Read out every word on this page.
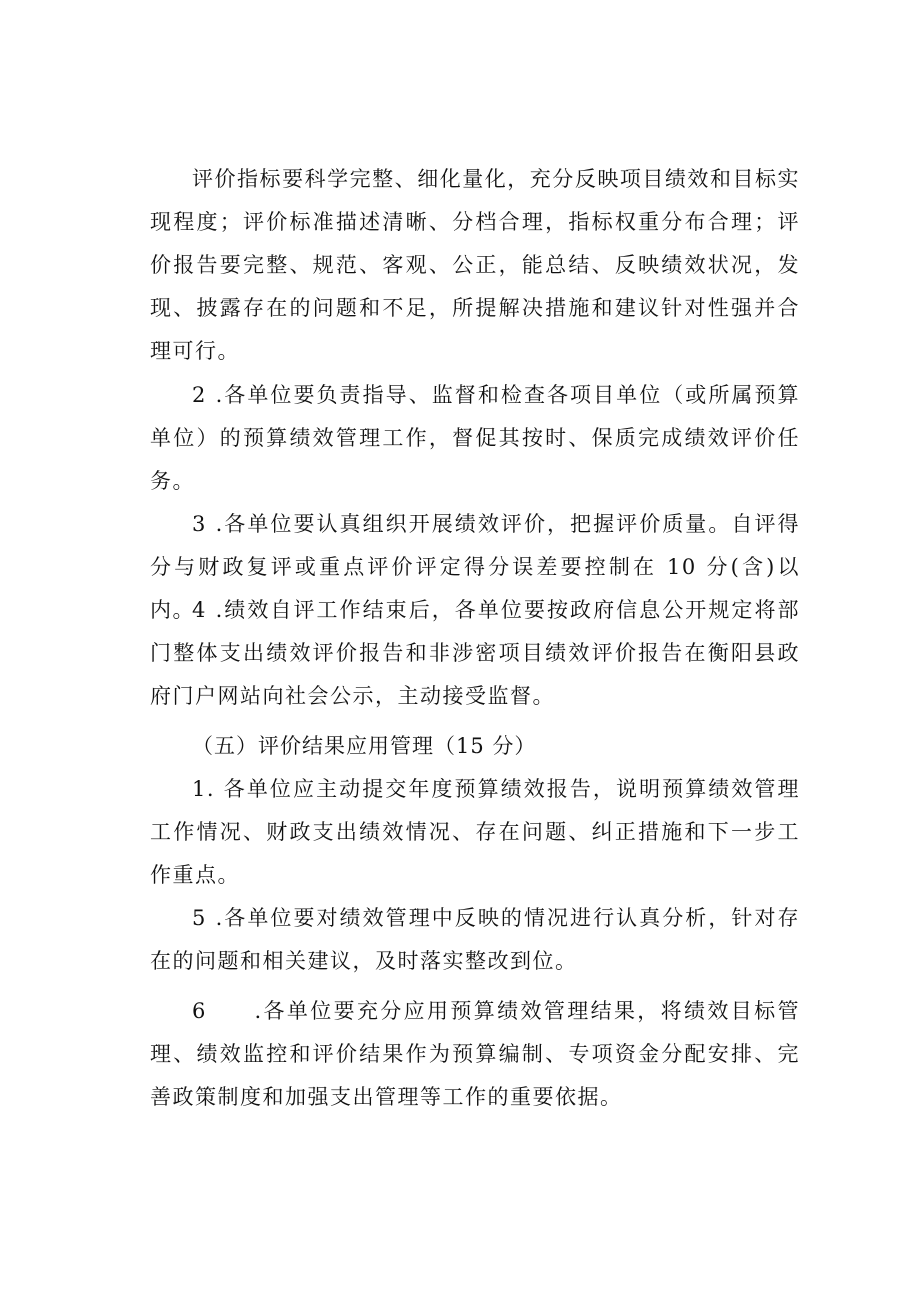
评价指标要科学完整、细化量化，充分反映项目绩效和目标实现程度；评价标准描述清晰、分档合理，指标权重分布合理；评价报告要完整、规范、客观、公正，能总结、反映绩效状况，发现、披露存在的问题和不足，所提解决措施和建议针对性强并合理可行。

2 .各单位要负责指导、监督和检查各项目单位（或所属预算单位）的预算绩效管理工作，督促其按时、保质完成绩效评价任务。

3 .各单位要认真组织开展绩效评价，把握评价质量。自评得分与财政复评或重点评价评定得分误差要控制在 10 分(含)以内。

4 .绩效自评工作结束后，各单位要按政府信息公开规定将部门整体支出绩效评价报告和非涉密项目绩效评价报告在衡阳县政府门户网站向社会公示，主动接受监督。

（五）评价结果应用管理（15 分）

1. 各单位应主动提交年度预算绩效报告，说明预算绩效管理工作情况、财政支出绩效情况、存在问题、纠正措施和下一步工作重点。

5 .各单位要对绩效管理中反映的情况进行认真分析，针对存在的问题和相关建议，及时落实整改到位。

6　　.各单位要充分应用预算绩效管理结果，将绩效目标管理、绩效监控和评价结果作为预算编制、专项资金分配安排、完善政策制度和加强支出管理等工作的重要依据。
